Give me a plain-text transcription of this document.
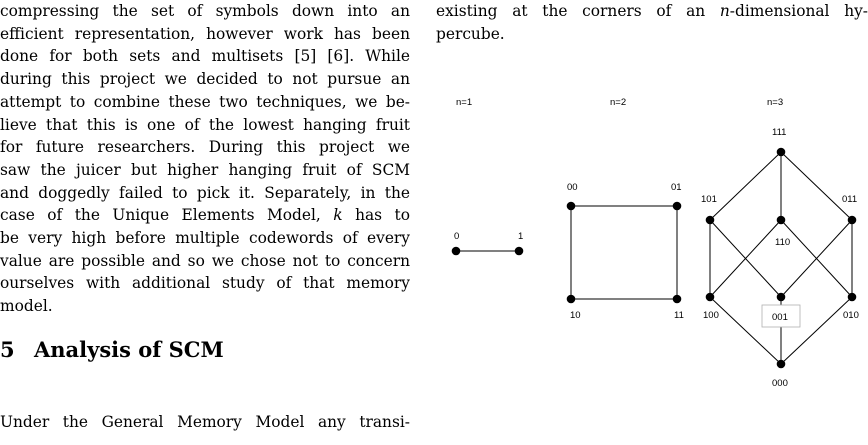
compressing the set of symbols down into an
efficient representation, however work has been
done for both sets and multisets [5] [6]. While
during this project we decided to not pursue an
attempt to combine these two techniques, we be-
lieve that this is one of the lowest hanging fruit
for future researchers. During this project we
saw the juicer but higher hanging fruit of SCM
and doggedly failed to pick it. Separately, in the
case of the Unique Elements Model, k has to
be very high before multiple codewords of every
value are possible and so we chose not to concern
ourselves with additional study of that memory
model.

5 Analysis of SCM

Under the General Memory Model any transi-

existing at the corners of an n-dimensional hy-
percube.

n=1	n=2	n=3
0	1
00	01
10	11
111
101	011
110
100	001	010
000
